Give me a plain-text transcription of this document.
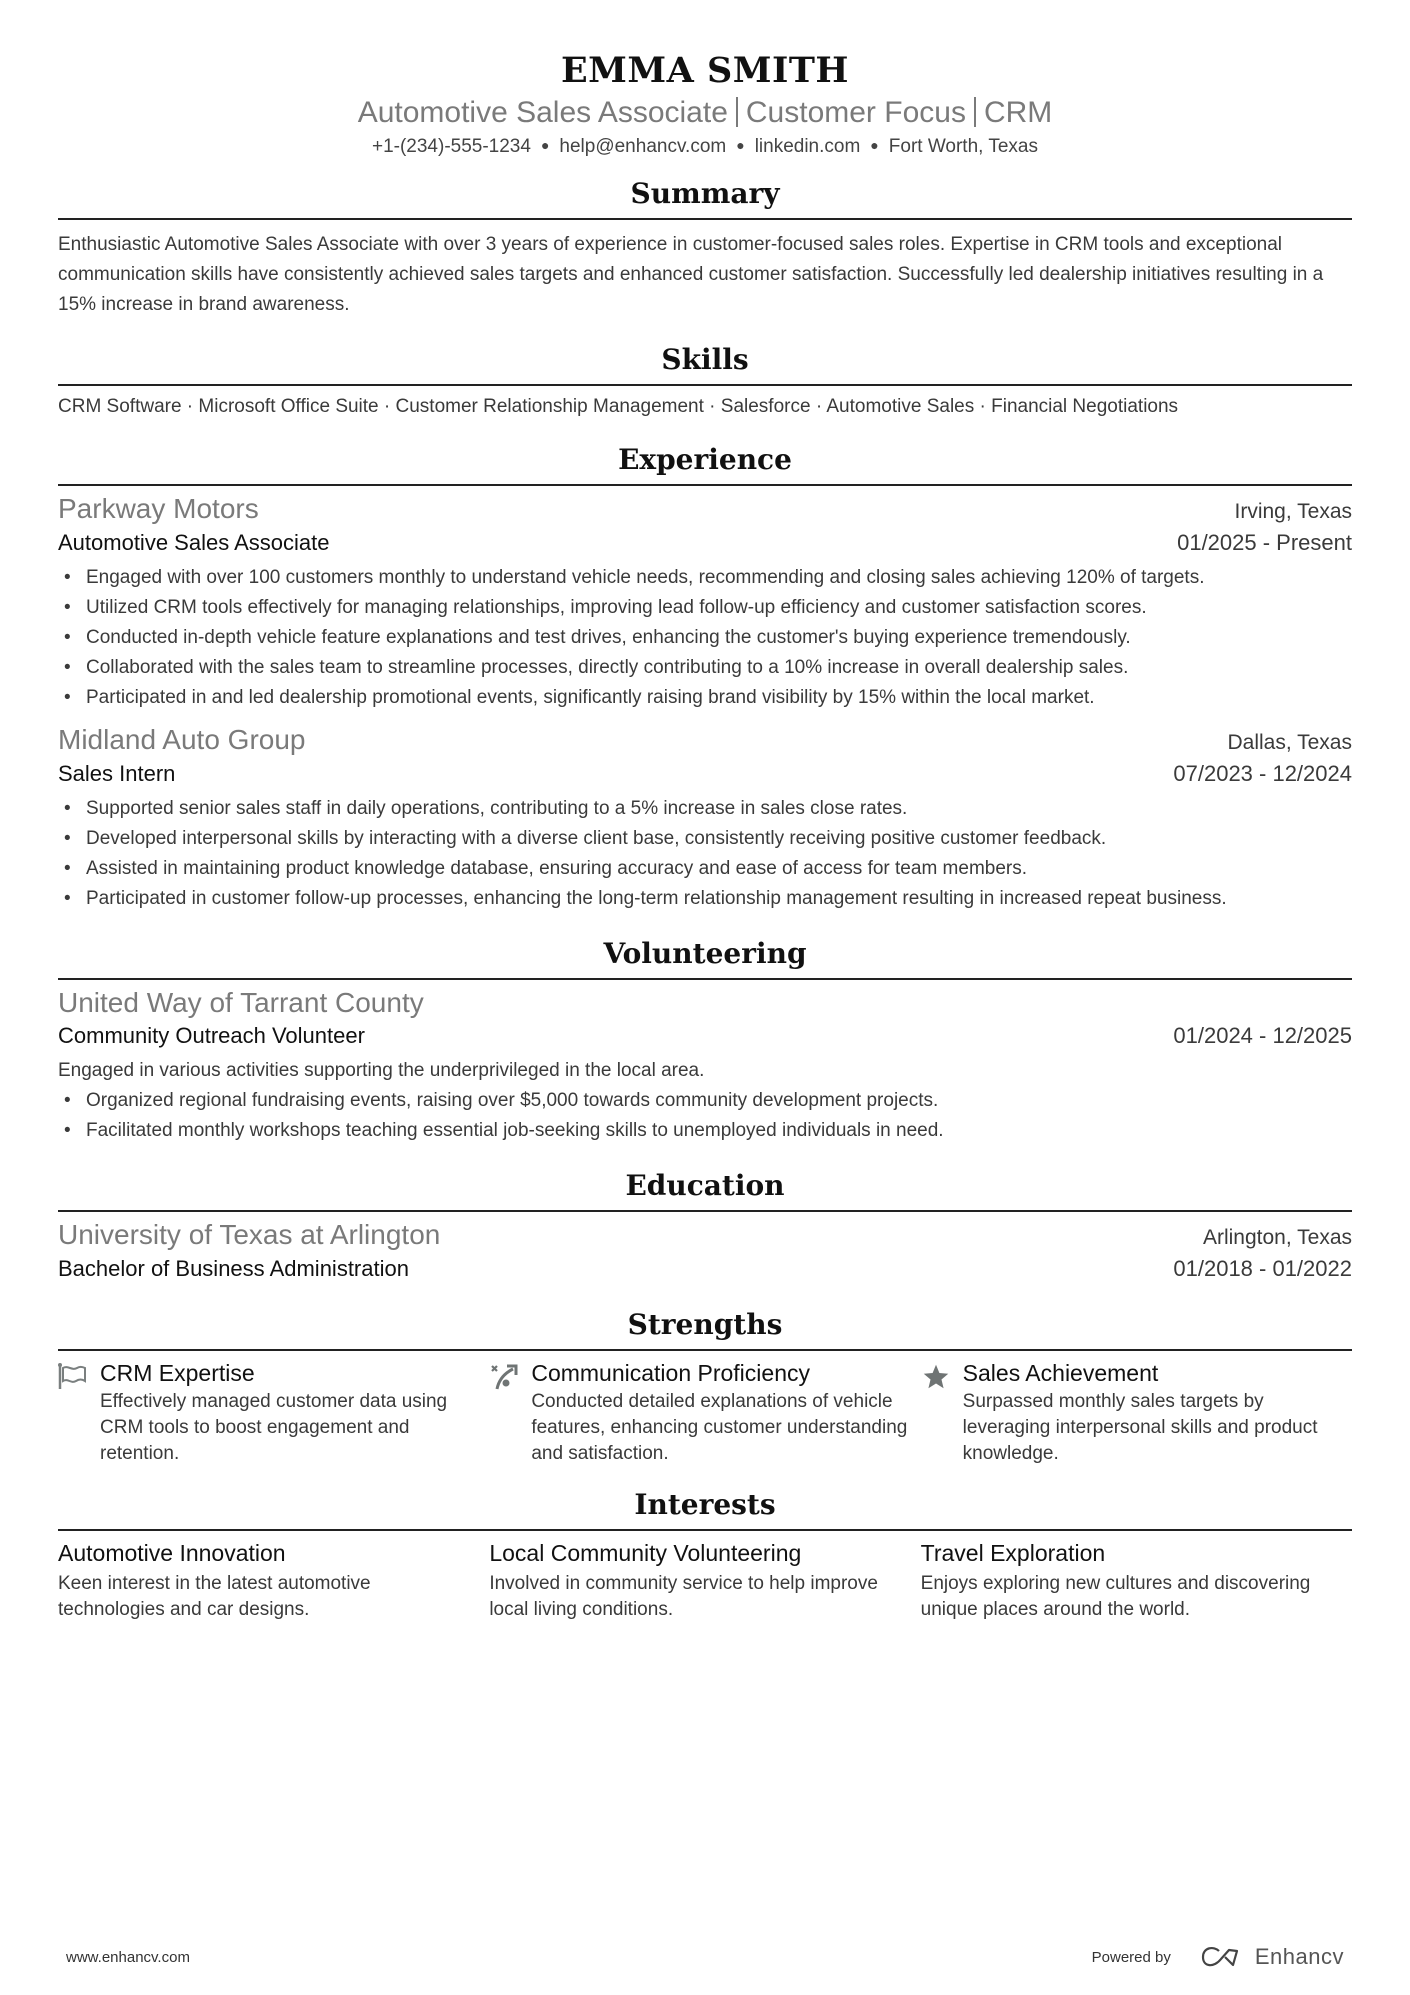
EMMA SMITH
Automotive Sales Associate Customer Focus CRM
+1-(234)-555-1234 ● help@enhancv.com ● linkedin.com ● Fort Worth, Texas
Summary
Enthusiastic Automotive Sales Associate with over 3 years of experience in customer-focused sales roles. Expertise in CRM tools and exceptional communication skills have consistently achieved sales targets and enhanced customer satisfaction. Successfully led dealership initiatives resulting in a 15% increase in brand awareness.
Skills
CRM Software · Microsoft Office Suite · Customer Relationship Management · Salesforce · Automotive Sales · Financial Negotiations
Experience
Parkway Motors	Irving, Texas
Automotive Sales Associate	01/2025 - Present
• Engaged with over 100 customers monthly to understand vehicle needs, recommending and closing sales achieving 120% of targets.
• Utilized CRM tools effectively for managing relationships, improving lead follow-up efficiency and customer satisfaction scores.
• Conducted in-depth vehicle feature explanations and test drives, enhancing the customer's buying experience tremendously.
• Collaborated with the sales team to streamline processes, directly contributing to a 10% increase in overall dealership sales.
• Participated in and led dealership promotional events, significantly raising brand visibility by 15% within the local market.
Midland Auto Group	Dallas, Texas
Sales Intern	07/2023 - 12/2024
• Supported senior sales staff in daily operations, contributing to a 5% increase in sales close rates.
• Developed interpersonal skills by interacting with a diverse client base, consistently receiving positive customer feedback.
• Assisted in maintaining product knowledge database, ensuring accuracy and ease of access for team members.
• Participated in customer follow-up processes, enhancing the long-term relationship management resulting in increased repeat business.
Volunteering
United Way of Tarrant County
Community Outreach Volunteer	01/2024 - 12/2025
Engaged in various activities supporting the underprivileged in the local area.
• Organized regional fundraising events, raising over $5,000 towards community development projects.
• Facilitated monthly workshops teaching essential job-seeking skills to unemployed individuals in need.
Education
University of Texas at Arlington	Arlington, Texas
Bachelor of Business Administration	01/2018 - 01/2022
Strengths
CRM Expertise
Effectively managed customer data using CRM tools to boost engagement and retention.
Communication Proficiency
Conducted detailed explanations of vehicle features, enhancing customer understanding and satisfaction.
Sales Achievement
Surpassed monthly sales targets by leveraging interpersonal skills and product knowledge.
Interests
Automotive Innovation
Keen interest in the latest automotive technologies and car designs.
Local Community Volunteering
Involved in community service to help improve local living conditions.
Travel Exploration
Enjoys exploring new cultures and discovering unique places around the world.
www.enhancv.com	Powered by	Enhancv
